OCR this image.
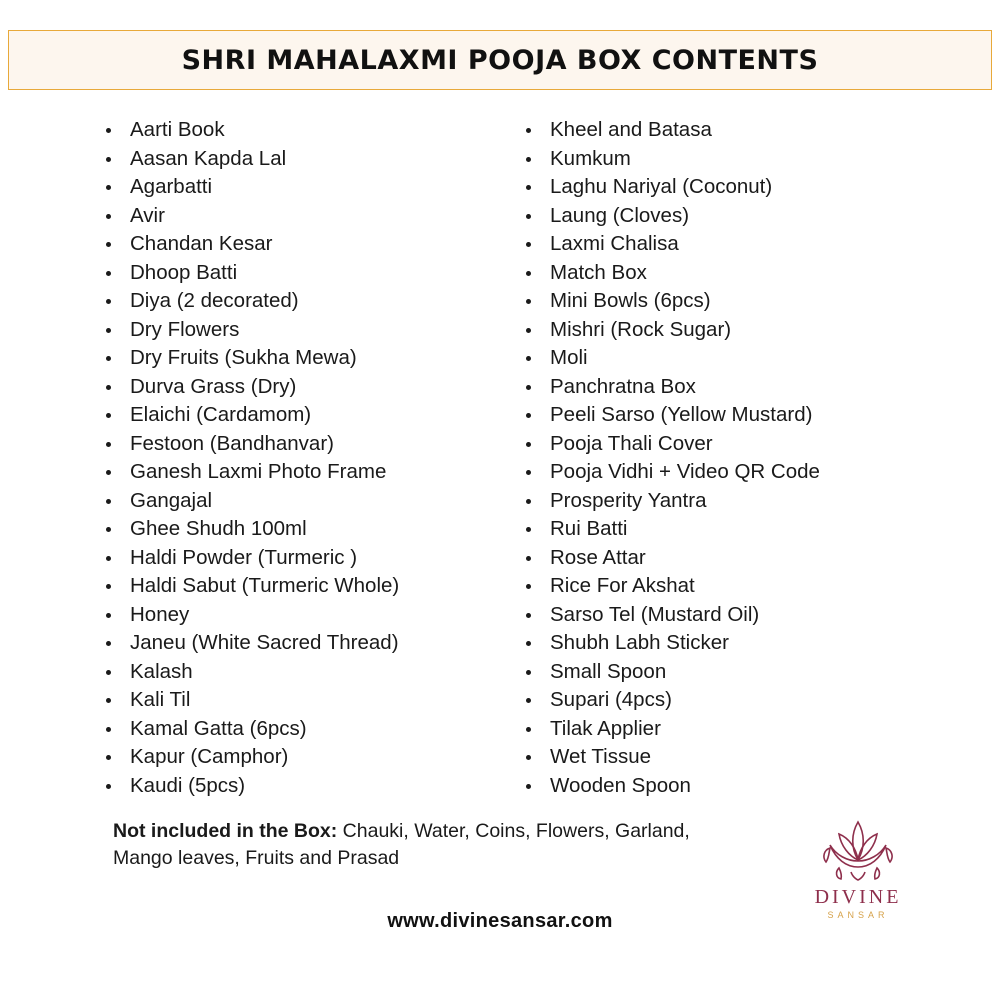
SHRI MAHALAXMI POOJA BOX CONTENTS
Aarti Book
Aasan Kapda Lal
Agarbatti
Avir
Chandan Kesar
Dhoop Batti
Diya (2 decorated)
Dry Flowers
Dry Fruits (Sukha Mewa)
Durva Grass (Dry)
Elaichi (Cardamom)
Festoon (Bandhanvar)
Ganesh Laxmi Photo Frame
Gangajal
Ghee Shudh 100ml
Haldi Powder (Turmeric )
Haldi Sabut (Turmeric Whole)
Honey
Janeu (White Sacred Thread)
Kalash
Kali Til
Kamal Gatta (6pcs)
Kapur (Camphor)
Kaudi (5pcs)
Kheel and Batasa
Kumkum
Laghu Nariyal (Coconut)
Laung (Cloves)
Laxmi Chalisa
Match Box
Mini Bowls (6pcs)
Mishri (Rock Sugar)
Moli
Panchratna Box
Peeli Sarso (Yellow Mustard)
Pooja Thali Cover
Pooja Vidhi + Video QR Code
Prosperity Yantra
Rui Batti
Rose Attar
Rice For Akshat
Sarso Tel (Mustard Oil)
Shubh Labh Sticker
Small Spoon
Supari (4pcs)
Tilak Applier
Wet Tissue
Wooden Spoon
Not included in the Box: Chauki, Water, Coins, Flowers, Garland, Mango leaves, Fruits and Prasad
www.divinesansar.com
DIVINE
SANSAR
